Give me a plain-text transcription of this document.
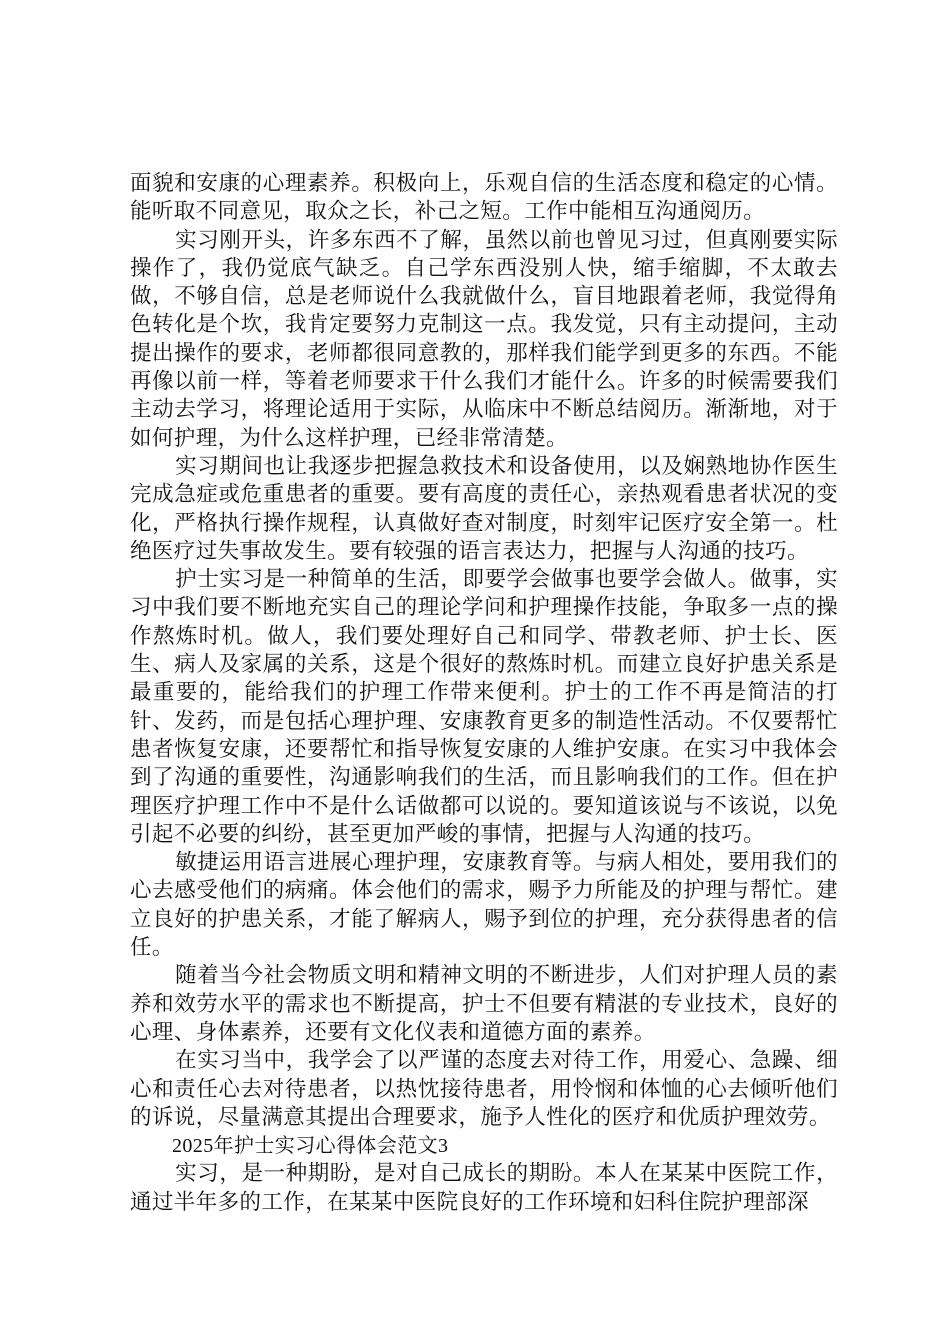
面貌和安康的心理素养。积极向上，乐观自信的生活态度和稳定的心情。能听取不同意见，取众之长，补己之短。工作中能相互沟通阅历。

实习刚开头，许多东西不了解，虽然以前也曾见习过，但真刚要实际操作了，我仍觉底气缺乏。自己学东西没别人快，缩手缩脚，不太敢去做，不够自信，总是老师说什么我就做什么，盲目地跟着老师，我觉得角色转化是个坎，我肯定要努力克制这一点。我发觉，只有主动提问，主动提出操作的要求，老师都很同意教的，那样我们能学到更多的东西。不能再像以前一样，等着老师要求干什么我们才能什么。许多的时候需要我们主动去学习，将理论适用于实际，从临床中不断总结阅历。渐渐地，对于如何护理，为什么这样护理，已经非常清楚。

实习期间也让我逐步把握急救技术和设备使用，以及娴熟地协作医生完成急症或危重患者的重要。要有高度的责任心，亲热观看患者状况的变化，严格执行操作规程，认真做好查对制度，时刻牢记医疗安全第一。杜绝医疗过失事故发生。要有较强的语言表达力，把握与人沟通的技巧。

护士实习是一种简单的生活，即要学会做事也要学会做人。做事，实习中我们要不断地充实自己的理论学问和护理操作技能，争取多一点的操作熬炼时机。做人，我们要处理好自己和同学、带教老师、护士长、医生、病人及家属的关系，这是个很好的熬炼时机。而建立良好护患关系是最重要的，能给我们的护理工作带来便利。护士的工作不再是简洁的打针、发药，而是包括心理护理、安康教育更多的制造性活动。不仅要帮忙患者恢复安康，还要帮忙和指导恢复安康的人维护安康。在实习中我体会到了沟通的重要性，沟通影响我们的生活，而且影响我们的工作。但在护理医疗护理工作中不是什么话做都可以说的。要知道该说与不该说，以免引起不必要的纠纷，甚至更加严峻的事情，把握与人沟通的技巧。

敏捷运用语言进展心理护理，安康教育等。与病人相处，要用我们的心去感受他们的病痛。体会他们的需求，赐予力所能及的护理与帮忙。建立良好的护患关系，才能了解病人，赐予到位的护理，充分获得患者的信任。

随着当今社会物质文明和精神文明的不断进步，人们对护理人员的素养和效劳水平的需求也不断提高，护士不但要有精湛的专业技术，良好的心理、身体素养，还要有文化仪表和道德方面的素养。

在实习当中，我学会了以严谨的态度去对待工作，用爱心、急躁、细心和责任心去对待患者，以热忱接待患者，用怜悯和体恤的心去倾听他们的诉说，尽量满意其提出合理要求，施予人性化的医疗和优质护理效劳。

2025年护士实习心得体会范文3

实习，是一种期盼，是对自己成长的期盼。本人在某某中医院工作，通过半年多的工作，在某某中医院良好的工作环境和妇科住院护理部深
